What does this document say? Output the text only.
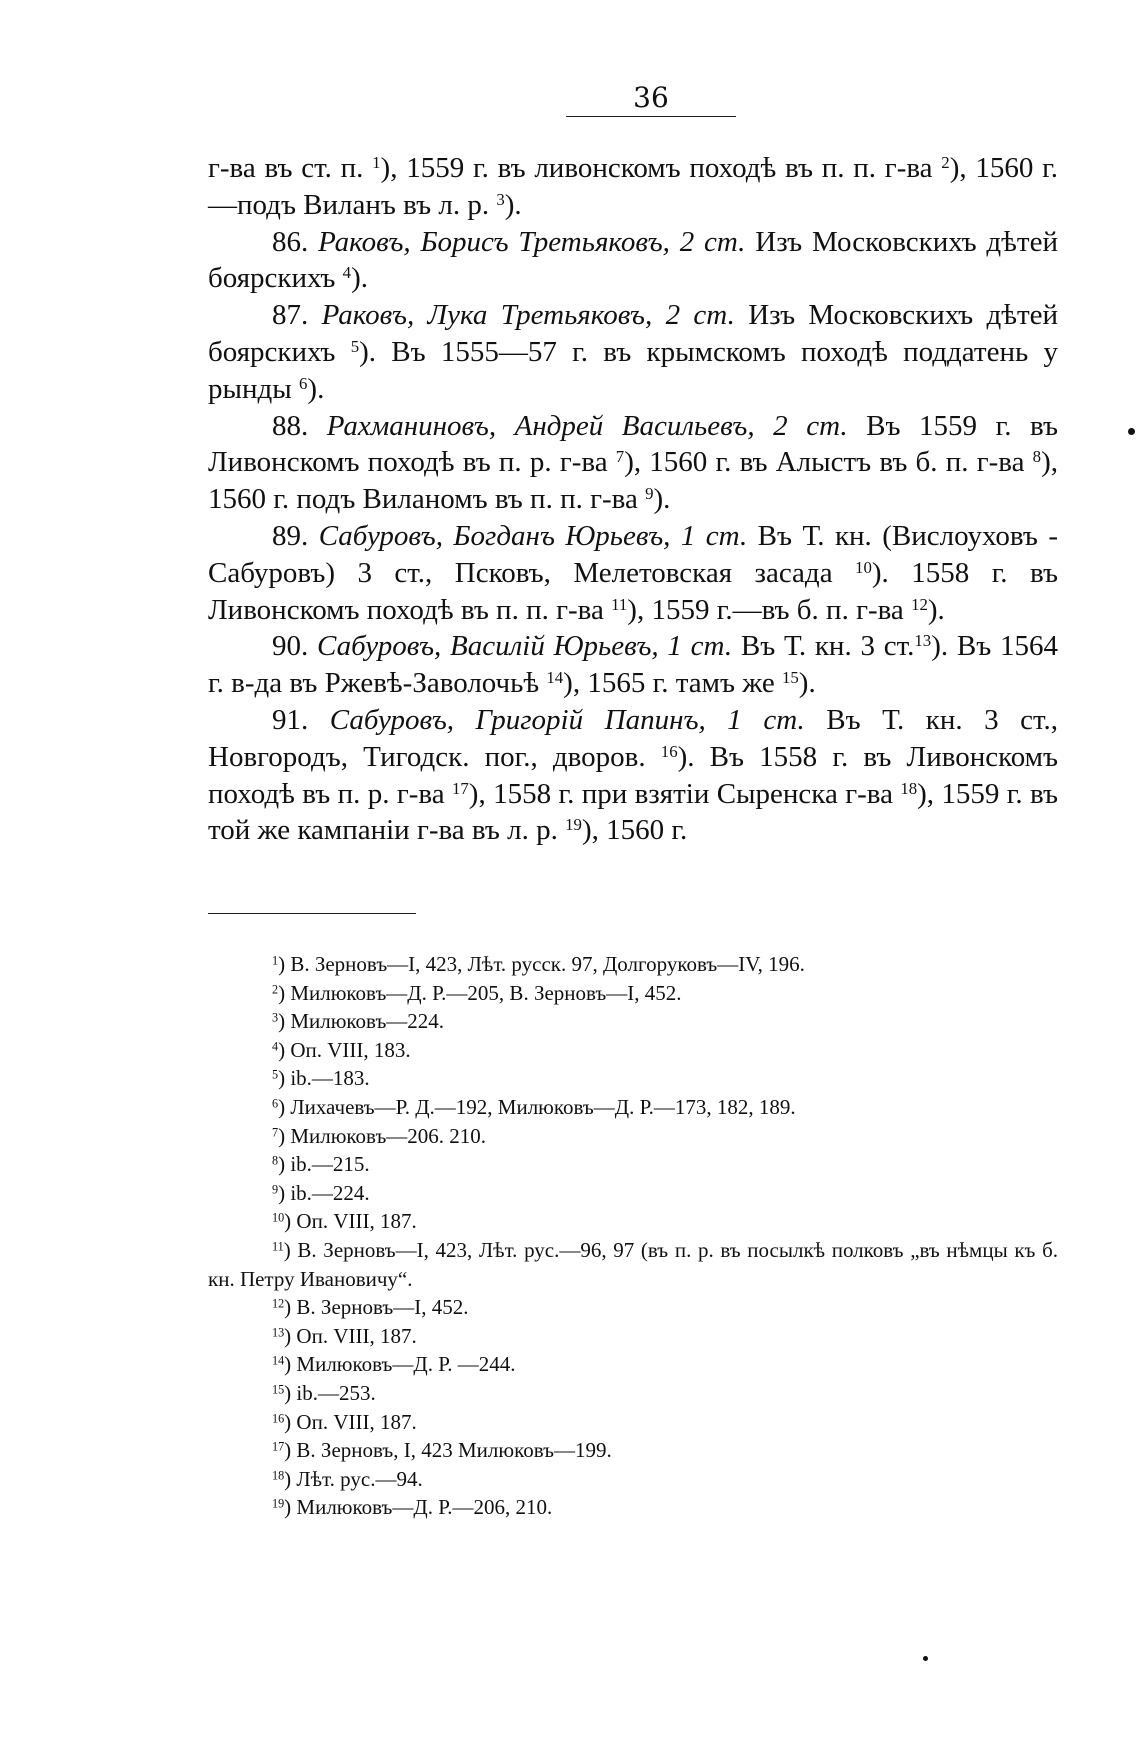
36

г-ва въ ст. п. $^1$), 1559 г. въ ливонскомъ походѣ въ п. п. г-ва $^2$), 1560 г.—подъ Виланъ въ л. р. $^3$).

86. Раковъ, Борисъ Третьяковъ, 2 ст. Изъ Московскихъ дѣтей боярскихъ $^4$).

87. Раковъ, Лука Третьяковъ, 2 ст. Изъ Московскихъ дѣтей боярскихъ $^5$). Въ 1555—57 г. въ крымскомъ походѣ поддатень у рынды $^6$).

88. Рахманиновъ, Андрей Васильевъ, 2 ст. Въ 1559 г. въ Ливонскомъ походѣ въ п. р. г-ва $^7$), 1560 г. въ Алыстъ въ б. п. г-ва $^8$), 1560 г. подъ Виланомъ въ п. п. г-ва $^9$).

89. Сабуровъ, Богданъ Юрьевъ, 1 ст. Въ Т. кн. (Вислоуховъ - Сабуровъ) 3 ст., Псковъ, Мелетовская засада $^{10}$). 1558 г. въ Ливонскомъ походѣ въ п. п. г-ва $^{11}$), 1559 г.—въ б. п. г-ва $^{12}$).

90. Сабуровъ, Василій Юрьевъ, 1 ст. Въ Т. кн. 3 ст.$^{13}$). Въ 1564 г. в-да въ Ржевѣ-Заволочьѣ $^{14}$), 1565 г. тамъ же $^{15}$).

91. Сабуровъ, Григорій Папинъ, 1 ст. Въ Т. кн. 3 ст., Новгородъ, Тигодск. пог., дворов. $^{16}$). Въ 1558 г. въ Ливонскомъ походѣ въ п. р. г-ва $^{17}$), 1558 г. при взятіи Сыренска г-ва $^{18}$), 1559 г. въ той же кампаніи г-ва въ л. р. $^{19}$), 1560 г.

$^1$) В. Зерновъ—I, 423, Лѣт. русск. 97, Долгоруковъ—IV, 196.
$^2$) Милюковъ—Д. Р.—205, В. Зерновъ—I, 452.
$^3$) Милюковъ—224.
$^4$) Оп. VIII, 183.
$^5$) ib.—183.
$^6$) Лихачевъ—Р. Д.—192, Милюковъ—Д. Р.—173, 182, 189.
$^7$) Милюковъ—206. 210.
$^8$) ib.—215.
$^9$) ib.—224.
$^{10}$) Оп. VIII, 187.
$^{11}$) В. Зерновъ—I, 423, Лѣт. рус.—96, 97 (въ п. р. въ посылкѣ полковъ „въ нѣмцы къ б. кн. Петру Ивановичу“.
$^{12}$) В. Зерновъ—I, 452.
$^{13}$) Оп. VIII, 187.
$^{14}$) Милюковъ—Д. Р. —244.
$^{15}$) ib.—253.
$^{16}$) Оп. VIII, 187.
$^{17}$) В. Зерновъ, I, 423 Милюковъ—199.
$^{18}$) Лѣт. рус.—94.
$^{19}$) Милюковъ—Д. Р.—206, 210.
